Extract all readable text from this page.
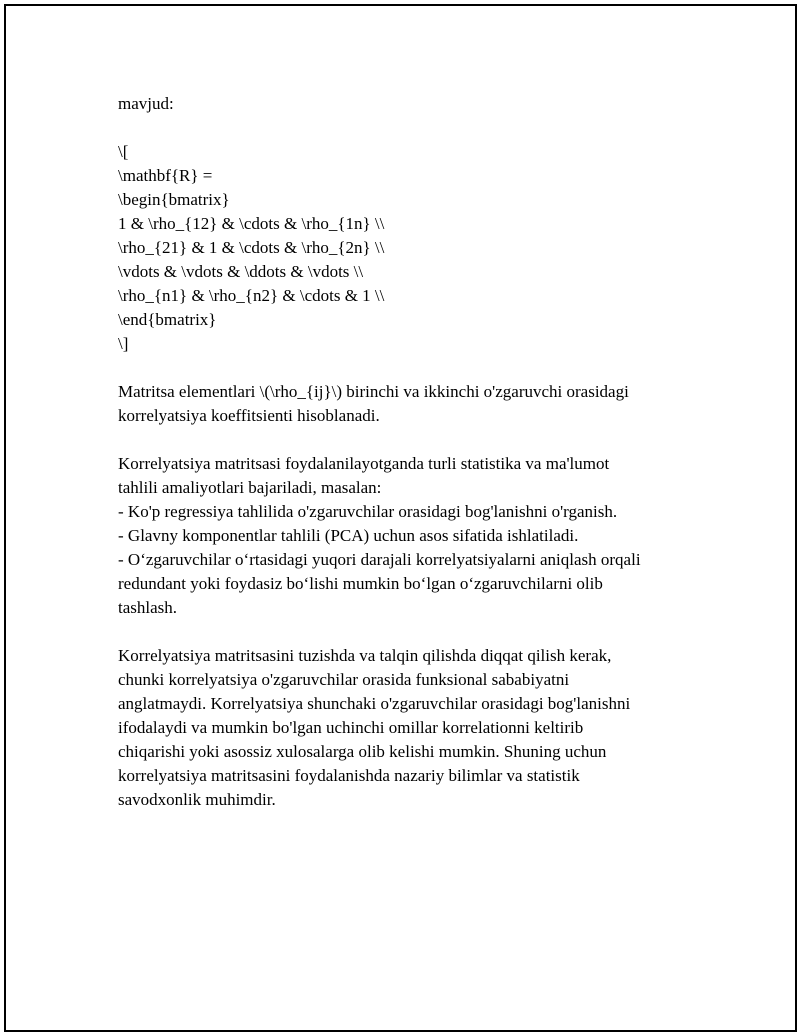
mavjud:
\[
\mathbf{R} =
\begin{bmatrix}
1 & \rho_{12} & \cdots & \rho_{1n} \\
\rho_{21} & 1 & \cdots & \rho_{2n} \\
\vdots & \vdots & \ddots & \vdots \\
\rho_{n1} & \rho_{n2} & \cdots & 1 \\
\end{bmatrix}
\]
Matritsa elementlari \(\rho_{ij}\) birinchi va ikkinchi o'zgaruvchi orasidagi
korrelyatsiya koeffitsienti hisoblanadi.
Korrelyatsiya matritsasi foydalanilayotganda turli statistika va ma'lumot
tahlili amaliyotlari bajariladi, masalan:
- Ko'p regressiya tahlilida o'zgaruvchilar orasidagi bog'lanishni o'rganish.
- Glavny komponentlar tahlili (PCA) uchun asos sifatida ishlatiladi.
- O‘zgaruvchilar o‘rtasidagi yuqori darajali korrelyatsiyalarni aniqlash orqali
redundant yoki foydasiz bo‘lishi mumkin bo‘lgan o‘zgaruvchilarni olib
tashlash.
Korrelyatsiya matritsasini tuzishda va talqin qilishda diqqat qilish kerak,
chunki korrelyatsiya o'zgaruvchilar orasida funksional sababiyatni
anglatmaydi. Korrelyatsiya shunchaki o'zgaruvchilar orasidagi bog'lanishni
ifodalaydi va mumkin bo'lgan uchinchi omillar korrelationni keltirib
chiqarishi yoki asossiz xulosalarga olib kelishi mumkin. Shuning uchun
korrelyatsiya matritsasini foydalanishda nazariy bilimlar va statistik
savodxonlik muhimdir.
